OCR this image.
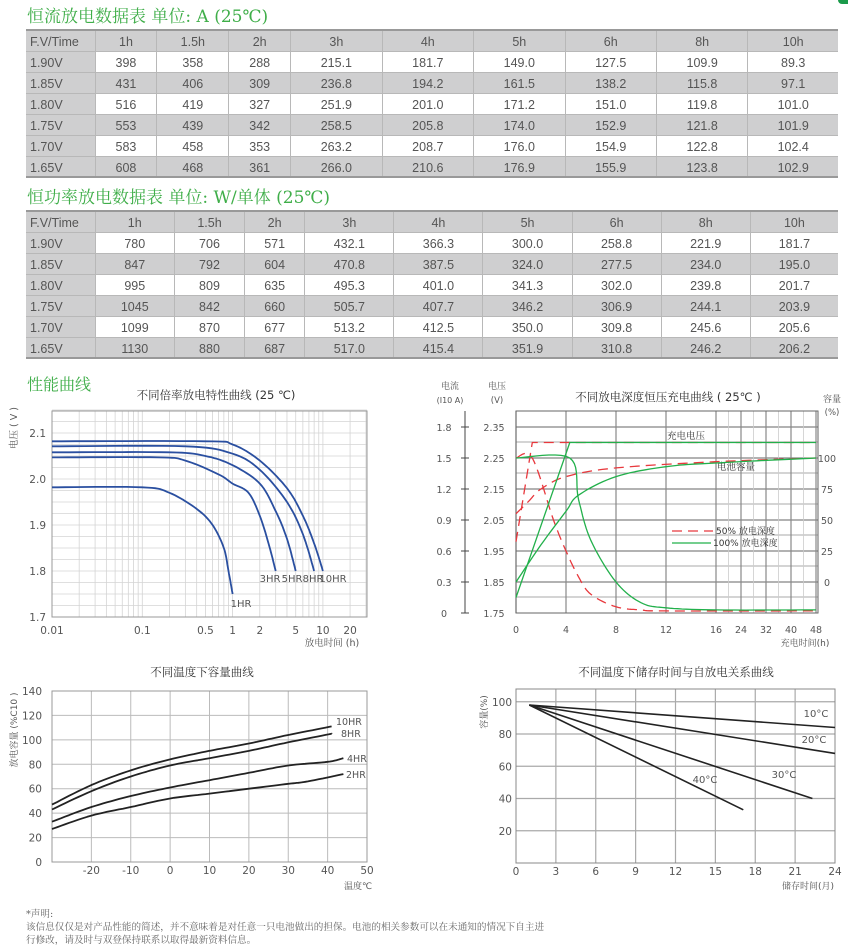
恒流放电数据表 单位: A (25℃)
F.V/Time	1h	1.5h	2h	3h	4h	5h	6h	8h	10h
1.90V	398	358	288	215.1	181.7	149.0	127.5	109.9	89.3
1.85V	431	406	309	236.8	194.2	161.5	138.2	115.8	97.1
1.80V	516	419	327	251.9	201.0	171.2	151.0	119.8	101.0
1.75V	553	439	342	258.5	205.8	174.0	152.9	121.8	101.9
1.70V	583	458	353	263.2	208.7	176.0	154.9	122.8	102.4
1.65V	608	468	361	266.0	210.6	176.9	155.9	123.8	102.9
恒功率放电数据表 单位: W/单体 (25℃)
F.V/Time	1h	1.5h	2h	3h	4h	5h	6h	8h	10h
1.90V	780	706	571	432.1	366.3	300.0	258.8	221.9	181.7
1.85V	847	792	604	470.8	387.5	324.0	277.5	234.0	195.0
1.80V	995	809	635	495.3	401.0	341.3	302.0	239.8	201.7
1.75V	1045	842	660	505.7	407.7	346.2	306.9	244.1	203.9
1.70V	1099	870	677	513.2	412.5	350.0	309.8	245.6	205.6
1.65V	1130	880	687	517.0	415.4	351.9	310.8	246.2	206.2
性能曲线
不同倍率放电特性曲线 (25 ℃)
0.01	0.1	0.5 1 2	5 10 20
1.7
1.8
1.9
2.0
2.1
放电时间 (h)
电压 ( V )
10HR
8HR
5HR
3HR
1HR
不同放电深度恒压充电曲线 ( 25℃ )
0	4	8	12	16 24 32 40 48
充电时间(h)
0
0.3
0.6
0.9
1.2
1.5
1.8
1.75
1.85
1.95
2.05
2.15
2.25
2.35
0
25
50
75
100
电流
(I10 A)
电压
(V)	容量
(%)
充电电压
电池容量
50% 放电深度
100% 放电深度
不同温度下容量曲线
-20 -10	0	10 20 30 40 50
0
20
40
60
80
100
120
140
温度℃
放电容量 (%C10 )	10HR
8HR
4HR
2HR
不同温度下储存时间与自放电关系曲线
0	3	6	9	12	15	18	21	24
20
40
60
80
100
储存时间(月)
容量(%)	10°C
20°C
30°C
40°C
*声明:
该信息仅仅是对产品性能的简述，并不意味着是对任意一只电池做出的担保。电池的相关参数可以在未通知的情况下自主进行修改，请及时与双登保持联系以取得最新资料信息。
